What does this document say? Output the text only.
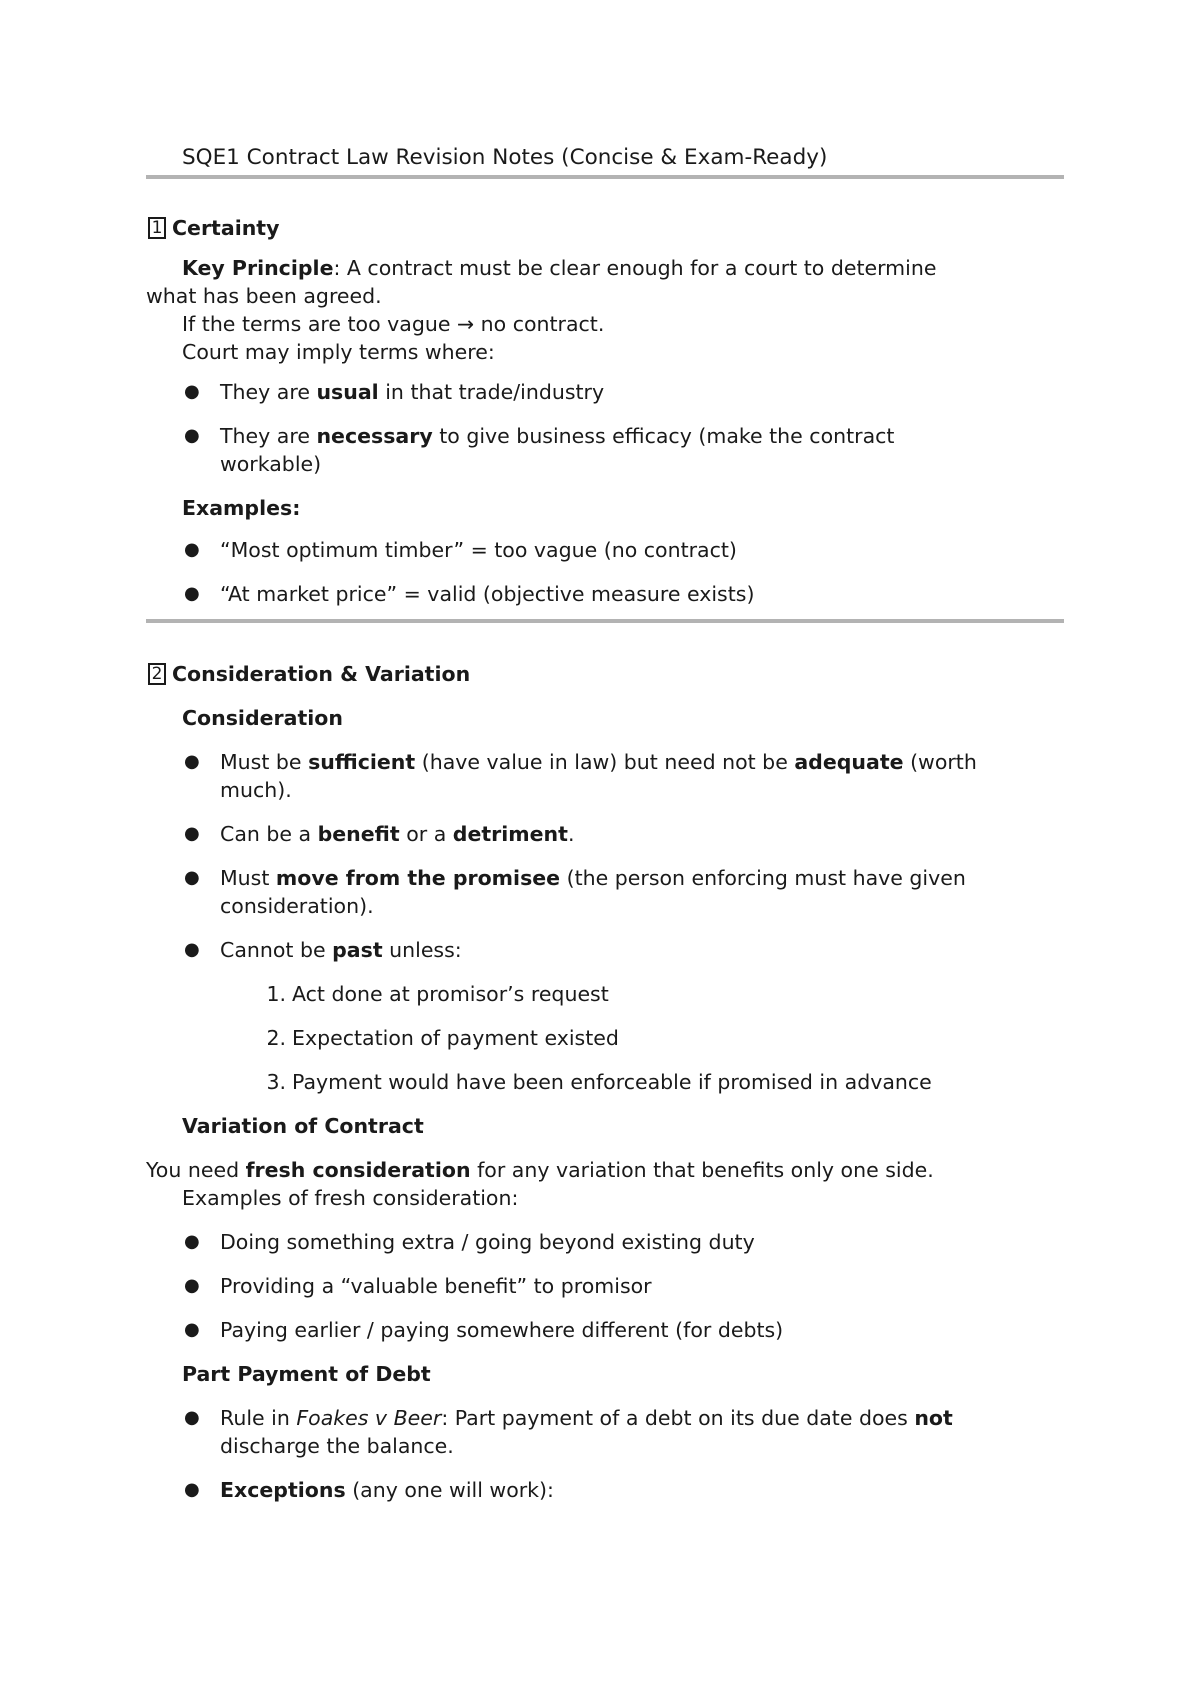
SQE1 Contract Law Revision Notes (Concise & Exam-Ready)
1 Certainty
Key Principle: A contract must be clear enough for a court to determine
what has been agreed.
If the terms are too vague → no contract.
Court may imply terms where:
● They are usual in that trade/industry
● They are necessary to give business efficacy (make the contract
workable)
Examples:
● “Most optimum timber” = too vague (no contract)
● “At market price” = valid (objective measure exists)
2 Consideration & Variation
Consideration
● Must be sufficient (have value in law) but need not be adequate (worth
much).
● Can be a benefit or a detriment.
● Must move from the promisee (the person enforcing must have given
consideration).
● Cannot be past unless:
1. Act done at promisor’s request
2. Expectation of payment existed
3. Payment would have been enforceable if promised in advance
Variation of Contract
You need fresh consideration for any variation that benefits only one side.
Examples of fresh consideration:
● Doing something extra / going beyond existing duty
● Providing a “valuable benefit” to promisor
● Paying earlier / paying somewhere different (for debts)
Part Payment of Debt
● Rule in Foakes v Beer: Part payment of a debt on its due date does not
discharge the balance.
● Exceptions (any one will work):
